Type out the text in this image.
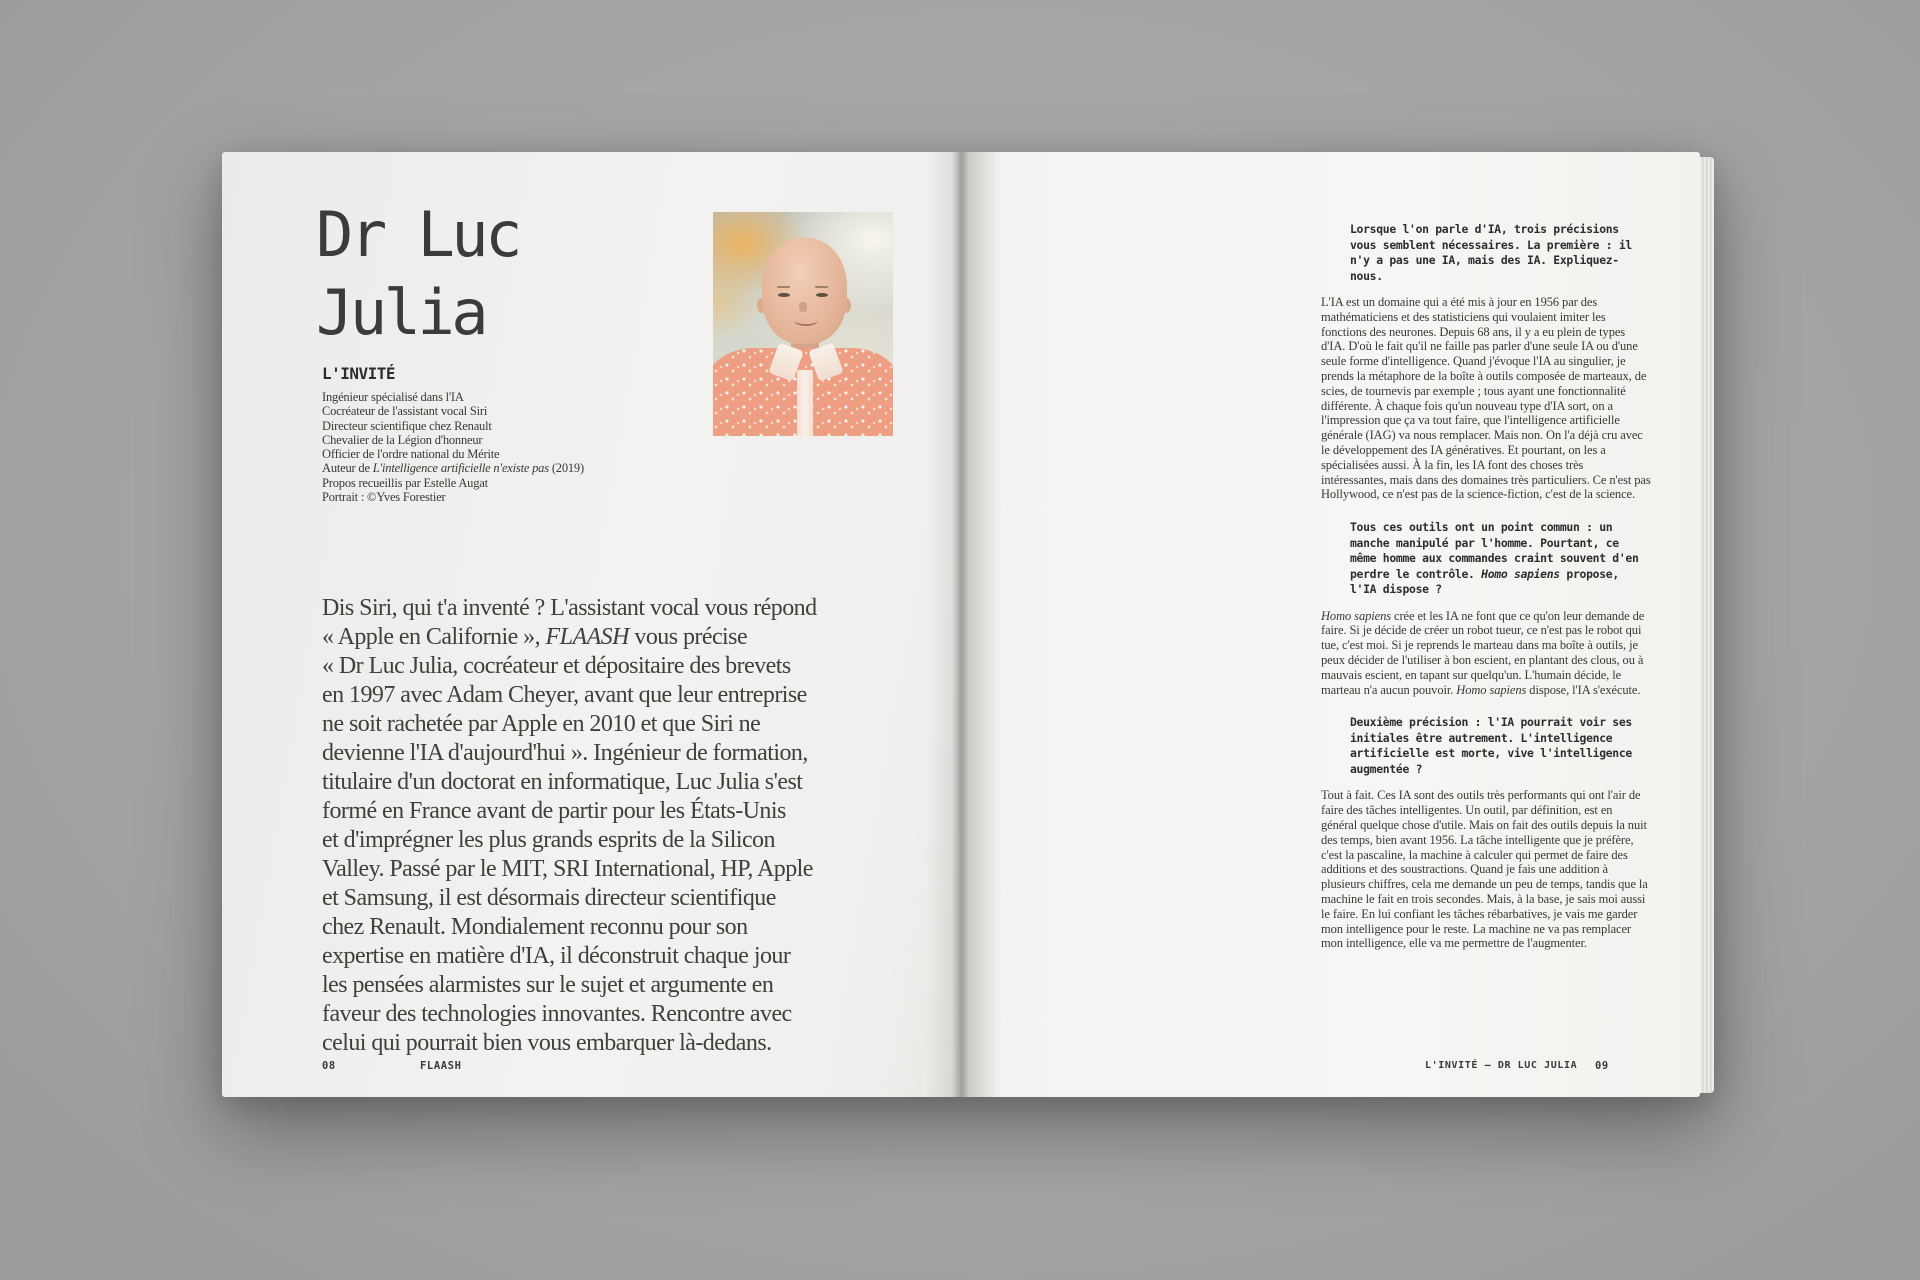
Dr Luc
Julia
L'INVITÉ
Ingénieur spécialisé dans l'IA
Cocréateur de l'assistant vocal Siri
Directeur scientifique chez Renault
Chevalier de la Légion d'honneur
Officier de l'ordre national du Mérite
Auteur de L'intelligence artificielle n'existe pas (2019)
Propos recueillis par Estelle Augat
Portrait : ©Yves Forestier
Dis Siri, qui t'a inventé ? L'assistant vocal vous répond
« Apple en Californie », FLAASH vous précise
« Dr Luc Julia, cocréateur et dépositaire des brevets
en 1997 avec Adam Cheyer, avant que leur entreprise
ne soit rachetée par Apple en 2010 et que Siri ne
devienne l'IA d'aujourd'hui ». Ingénieur de formation,
titulaire d'un doctorat en informatique, Luc Julia s'est
formé en France avant de partir pour les États-Unis
et d'imprégner les plus grands esprits de la Silicon
Valley. Passé par le MIT, SRI International, HP, Apple
et Samsung, il est désormais directeur scientifique
chez Renault. Mondialement reconnu pour son
expertise en matière d'IA, il déconstruit chaque jour
les pensées alarmistes sur le sujet et argumente en
faveur des technologies innovantes. Rencontre avec
celui qui pourrait bien vous embarquer là-dedans.
08	FLAASH

Lorsque l'on parle d'IA, trois précisions vous semblent nécessaires. La première : il n'y a pas une IA, mais des IA. Expliquez-nous.

L'IA est un domaine qui a été mis à jour en 1956 par des mathématiciens et des statisticiens qui voulaient imiter les fonctions des neurones. Depuis 68 ans, il y a eu plein de types d'IA. D'où le fait qu'il ne faille pas parler d'une seule IA ou d'une seule forme d'intelligence. Quand j'évoque l'IA au singulier, je prends la métaphore de la boîte à outils composée de marteaux, de scies, de tournevis par exemple ; tous ayant une fonctionnalité différente. À chaque fois qu'un nouveau type d'IA sort, on a l'impression que ça va tout faire, que l'intelligence artificielle générale (IAG) va nous remplacer. Mais non. On l'a déjà cru avec le développement des IA génératives. Et pourtant, on les a spécialisées aussi. À la fin, les IA font des choses très intéressantes, mais dans des domaines très particuliers. Ce n'est pas Hollywood, ce n'est pas de la science-fiction, c'est de la science.

Tous ces outils ont un point commun : un manche manipulé par l'homme. Pourtant, ce même homme aux commandes craint souvent d'en perdre le contrôle. Homo sapiens propose, l'IA dispose ?

Homo sapiens crée et les IA ne font que ce qu'on leur demande de faire. Si je décide de créer un robot tueur, ce n'est pas le robot qui tue, c'est moi. Si je reprends le marteau dans ma boîte à outils, je peux décider de l'utiliser à bon escient, en plantant des clous, ou à mauvais escient, en tapant sur quelqu'un. L'humain décide, le marteau n'a aucun pouvoir. Homo sapiens dispose, l'IA s'exécute.

Deuxième précision : l'IA pourrait voir ses initiales être autrement. L'intelligence artificielle est morte, vive l'intelligence augmentée ?

Tout à fait. Ces IA sont des outils très performants qui ont l'air de faire des tâches intelligentes. Un outil, par définition, est en général quelque chose d'utile. Mais on fait des outils depuis la nuit des temps, bien avant 1956. La tâche intelligente que je préfère, c'est la pascaline, la machine à calculer qui permet de faire des additions et des soustractions. Quand je fais une addition à plusieurs chiffres, cela me demande un peu de temps, tandis que la machine le fait en trois secondes. Mais, à la base, je sais moi aussi le faire. En lui confiant les tâches rébarbatives, je vais me garder mon intelligence pour le reste. La machine ne va pas remplacer mon intelligence, elle va me permettre de l'augmenter.

L'INVITÉ – DR LUC JULIA 09
